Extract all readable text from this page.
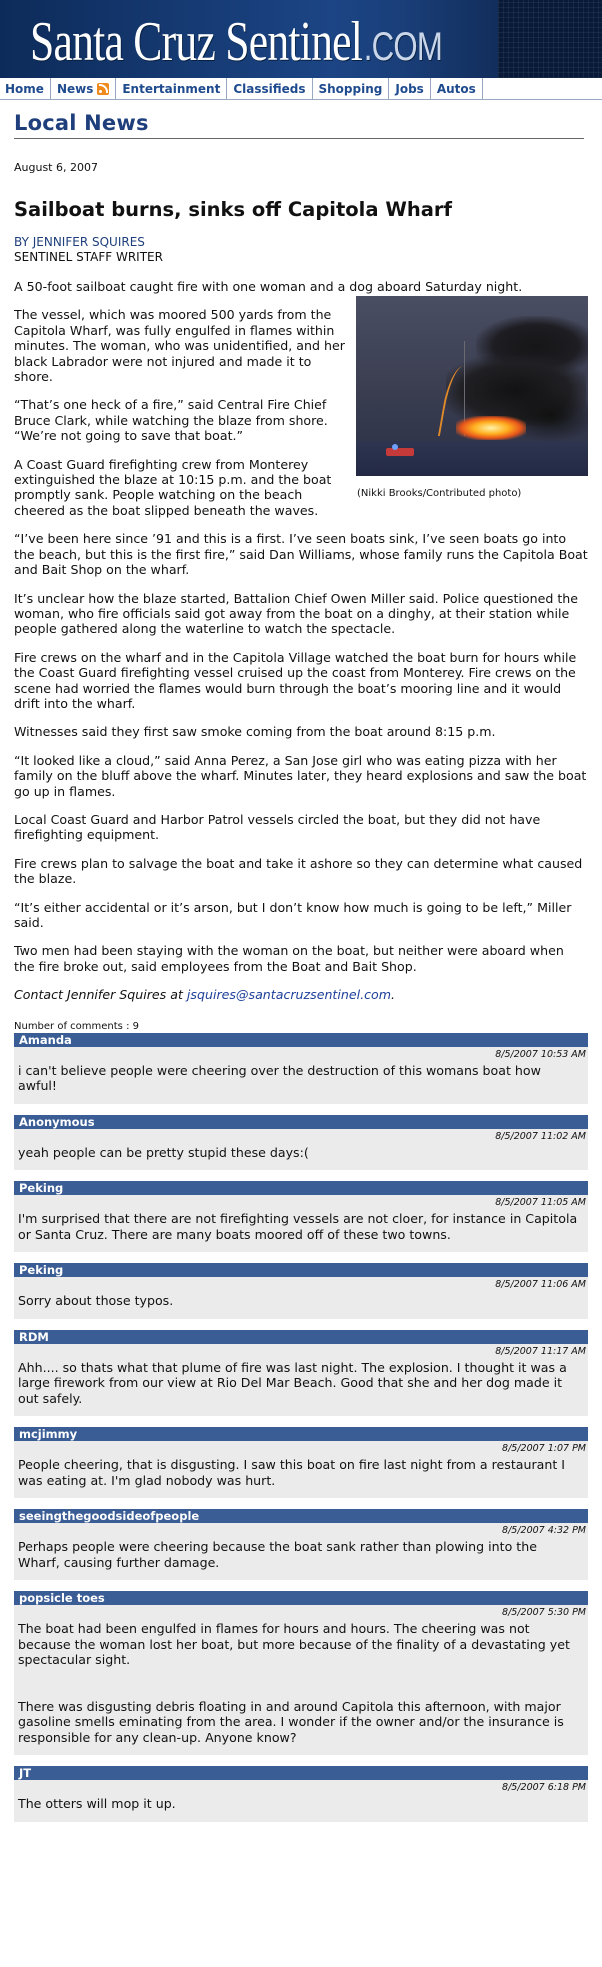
Santa Cruz Sentinel .COM
Home	News	Entertainment	Classifieds	Shopping	Jobs	Autos
Local News
August 6, 2007
Sailboat burns, sinks off Capitola Wharf
BY JENNIFER SQUIRES
SENTINEL STAFF WRITER

A 50-foot sailboat caught fire with one woman and a dog aboard Saturday night.

(Nikki Brooks/Contributed photo)

The vessel, which was moored 500 yards from the Capitola Wharf, was fully engulfed in flames within minutes. The woman, who was unidentified, and her black Labrador were not injured and made it to shore.

“That’s one heck of a fire,” said Central Fire Chief Bruce Clark, while watching the blaze from shore. “We’re not going to save that boat.”

A Coast Guard firefighting crew from Monterey extinguished the blaze at 10:15 p.m. and the boat promptly sank. People watching on the beach cheered as the boat slipped beneath the waves.

“I’ve been here since ’91 and this is a first. I’ve seen boats sink, I’ve seen boats go into the beach, but this is the first fire,” said Dan Williams, whose family runs the Capitola Boat and Bait Shop on the wharf.

It’s unclear how the blaze started, Battalion Chief Owen Miller said. Police questioned the woman, who fire officials said got away from the boat on a dinghy, at their station while people gathered along the waterline to watch the spectacle.

Fire crews on the wharf and in the Capitola Village watched the boat burn for hours while the Coast Guard firefighting vessel cruised up the coast from Monterey. Fire crews on the scene had worried the flames would burn through the boat’s mooring line and it would drift into the wharf.

Witnesses said they first saw smoke coming from the boat around 8:15 p.m.

“It looked like a cloud,” said Anna Perez, a San Jose girl who was eating pizza with her family on the bluff above the wharf. Minutes later, they heard explosions and saw the boat go up in flames.

Local Coast Guard and Harbor Patrol vessels circled the boat, but they did not have firefighting equipment.

Fire crews plan to salvage the boat and take it ashore so they can determine what caused the blaze.

“It’s either accidental or it’s arson, but I don’t know how much is going to be left,” Miller said.

Two men had been staying with the woman on the boat, but neither were aboard when the fire broke out, said employees from the Boat and Bait Shop.

Contact Jennifer Squires at jsquires@santacruzsentinel.com.

Number of comments : 9
Amanda
8/5/2007 10:53 AM

i can't believe people were cheering over the destruction of this womans boat how awful!

Anonymous
8/5/2007 11:02 AM

yeah people can be pretty stupid these days:(

Peking
8/5/2007 11:05 AM

I'm surprised that there are not firefighting vessels are not cloer, for instance in Capitola or Santa Cruz. There are many boats moored off of these two towns.

Peking
8/5/2007 11:06 AM

Sorry about those typos.

RDM
8/5/2007 11:17 AM

Ahh.... so thats what that plume of fire was last night. The explosion. I thought it was a large firework from our view at Rio Del Mar Beach. Good that she and her dog made it out safely.

mcjimmy
8/5/2007 1:07 PM

People cheering, that is disgusting. I saw this boat on fire last night from a restaurant I was eating at. I'm glad nobody was hurt.

seeingthegoodsideofpeople
8/5/2007 4:32 PM

Perhaps people were cheering because the boat sank rather than plowing into the Wharf, causing further damage.

popsicle toes
8/5/2007 5:30 PM

The boat had been engulfed in flames for hours and hours. The cheering was not because the woman lost her boat, but more because of the finality of a devastating yet spectacular sight.

There was disgusting debris floating in and around Capitola this afternoon, with major gasoline smells eminating from the area. I wonder if the owner and/or the insurance is responsible for any clean-up. Anyone know?

JT
8/5/2007 6:18 PM

The otters will mop it up.
